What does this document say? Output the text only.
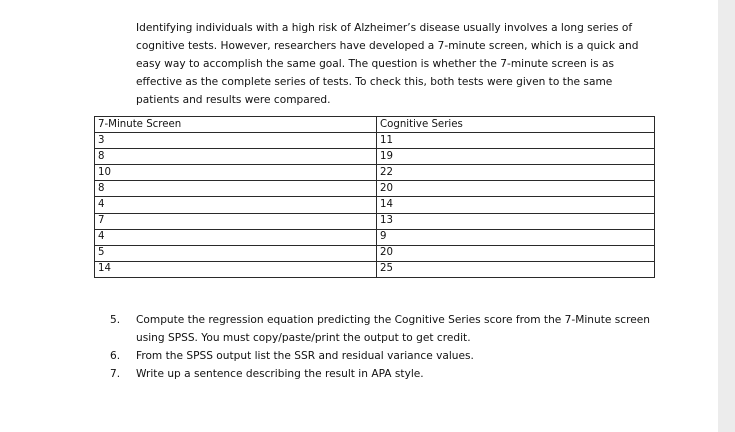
Identifying individuals with a high risk of Alzheimer’s disease usually involves a long series of cognitive tests. However, researchers have developed a 7-minute screen, which is a quick and easy way to accomplish the same goal. The question is whether the 7-minute screen is as effective as the complete series of tests. To check this, both tests were given to the same patients and results were compared.

7-Minute Screen	Cognitive Series
3	11
8	19
10	22
8	20
4	14
7	13
4	9
5	20
14	25
5. Compute the regression equation predicting the Cognitive Series score from the 7-Minute screen using SPSS. You must copy/paste/print the output to get credit.
6. From the SPSS output list the SSR and residual variance values.
7. Write up a sentence describing the result in APA style.
